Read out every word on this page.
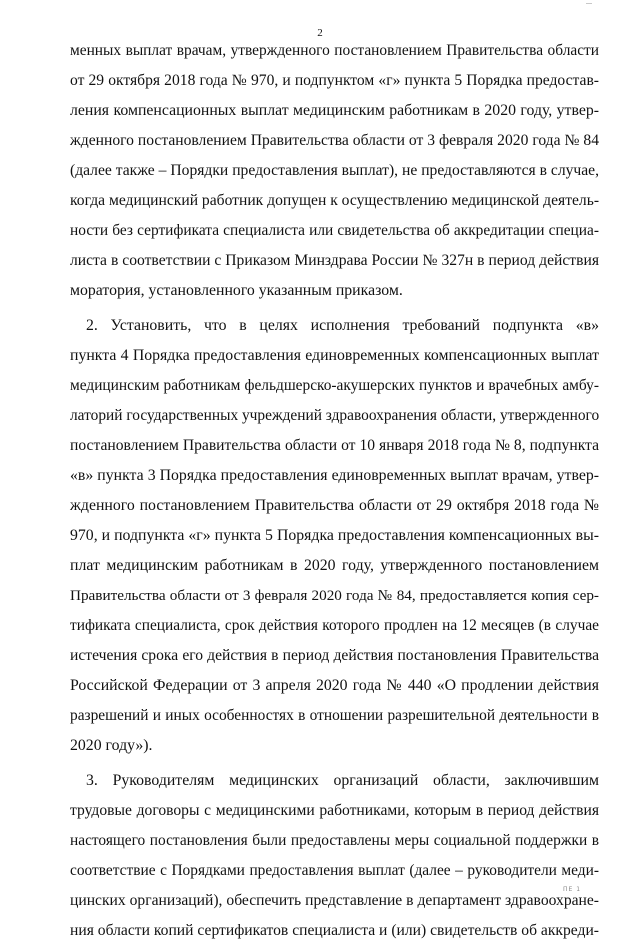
2
менных выплат врачам, утвержденного постановлением Правительства области
от 29 октября 2018 года № 970, и подпунктом «г» пункта 5 Порядка предостав-
ления компенсационных выплат медицинским работникам в 2020 году, утвер-
жденного постановлением Правительства области от 3 февраля 2020 года № 84
(далее также – Порядки предоставления выплат), не предоставляются в случае,
когда медицинский работник допущен к осуществлению медицинской деятель-
ности без сертификата специалиста или свидетельства об аккредитации специа-
листа в соответствии с Приказом Минздрава России № 327н в период действия
моратория, установленного указанным приказом.
2. Установить, что в целях исполнения требований подпункта «в»
пункта 4 Порядка предоставления единовременных компенсационных выплат
медицинским работникам фельдшерско-акушерских пунктов и врачебных амбу-
латорий государственных учреждений здравоохранения области, утвержденного
постановлением Правительства области от 10 января 2018 года № 8, подпункта
«в» пункта 3 Порядка предоставления единовременных выплат врачам, утвер-
жденного постановлением Правительства области от 29 октября 2018 года №
970, и подпункта «г» пункта 5 Порядка предоставления компенсационных вы-
плат медицинским работникам в 2020 году, утвержденного постановлением
Правительства области от 3 февраля 2020 года № 84, предоставляется копия сер-
тификата специалиста, срок действия которого продлен на 12 месяцев (в случае
истечения срока его действия в период действия постановления Правительства
Российской Федерации от 3 апреля 2020 года № 440 «О продлении действия
разрешений и иных особенностях в отношении разрешительной деятельности в
2020 году»).
3. Руководителям медицинских организаций области, заключившим
трудовые договоры с медицинскими работниками, которым в период действия
настоящего постановления были предоставлены меры социальной поддержки в
соответствие с Порядками предоставления выплат (далее – руководители меди-
цинских организаций), обеспечить представление в департамент здравоохране-
ния области копий сертификатов специалиста и (или) свидетельств об аккреди-
ПЕ 1
